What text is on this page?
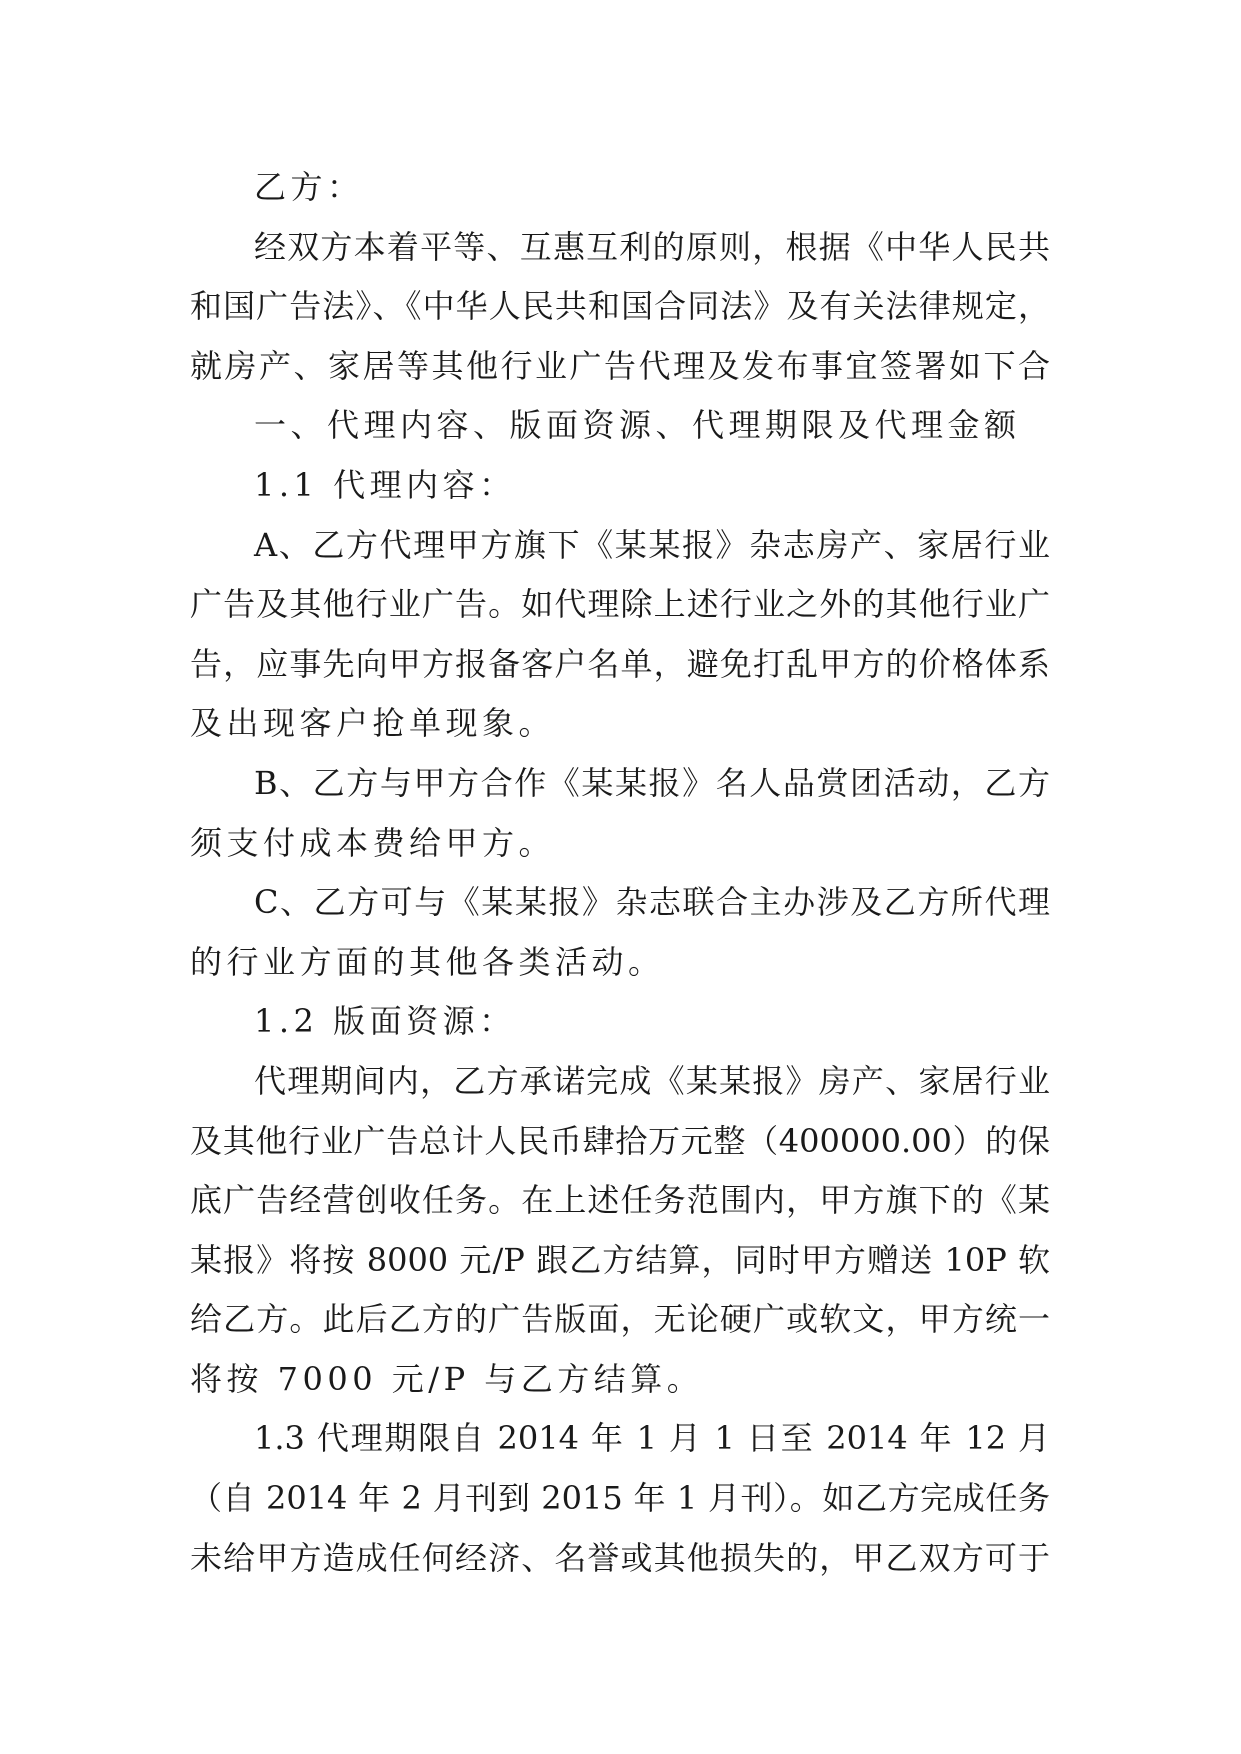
乙方：
经双方本着平等、互惠互利的原则，根据《中华人民共
和国广告法》、《中华人民共和国合同法》及有关法律规定，
就房产、家居等其他行业广告代理及发布事宜签署如下合
一、代理内容、版面资源、代理期限及代理金额
1.1 代理内容：
A、乙方代理甲方旗下《某某报》杂志房产、家居行业
广告及其他行业广告。如代理除上述行业之外的其他行业广
告，应事先向甲方报备客户名单，避免打乱甲方的价格体系
及出现客户抢单现象。
B、乙方与甲方合作《某某报》名人品赏团活动，乙方
须支付成本费给甲方。
C、乙方可与《某某报》杂志联合主办涉及乙方所代理
的行业方面的其他各类活动。
1.2 版面资源：
代理期间内，乙方承诺完成《某某报》房产、家居行业
及其他行业广告总计人民币肆拾万元整（400000.00）的保
底广告经营创收任务。在上述任务范围内，甲方旗下的《某
某报》将按 8000 元/P 跟乙方结算，同时甲方赠送 10P 软
给乙方。此后乙方的广告版面，无论硬广或软文，甲方统一
将按 7000 元/P 与乙方结算。
1.3 代理期限自 2014 年 1 月 1 日至 2014 年 12 月
（自 2014 年 2 月刊到 2015 年 1 月刊）。如乙方完成任务
未给甲方造成任何经济、名誉或其他损失的，甲乙双方可于
